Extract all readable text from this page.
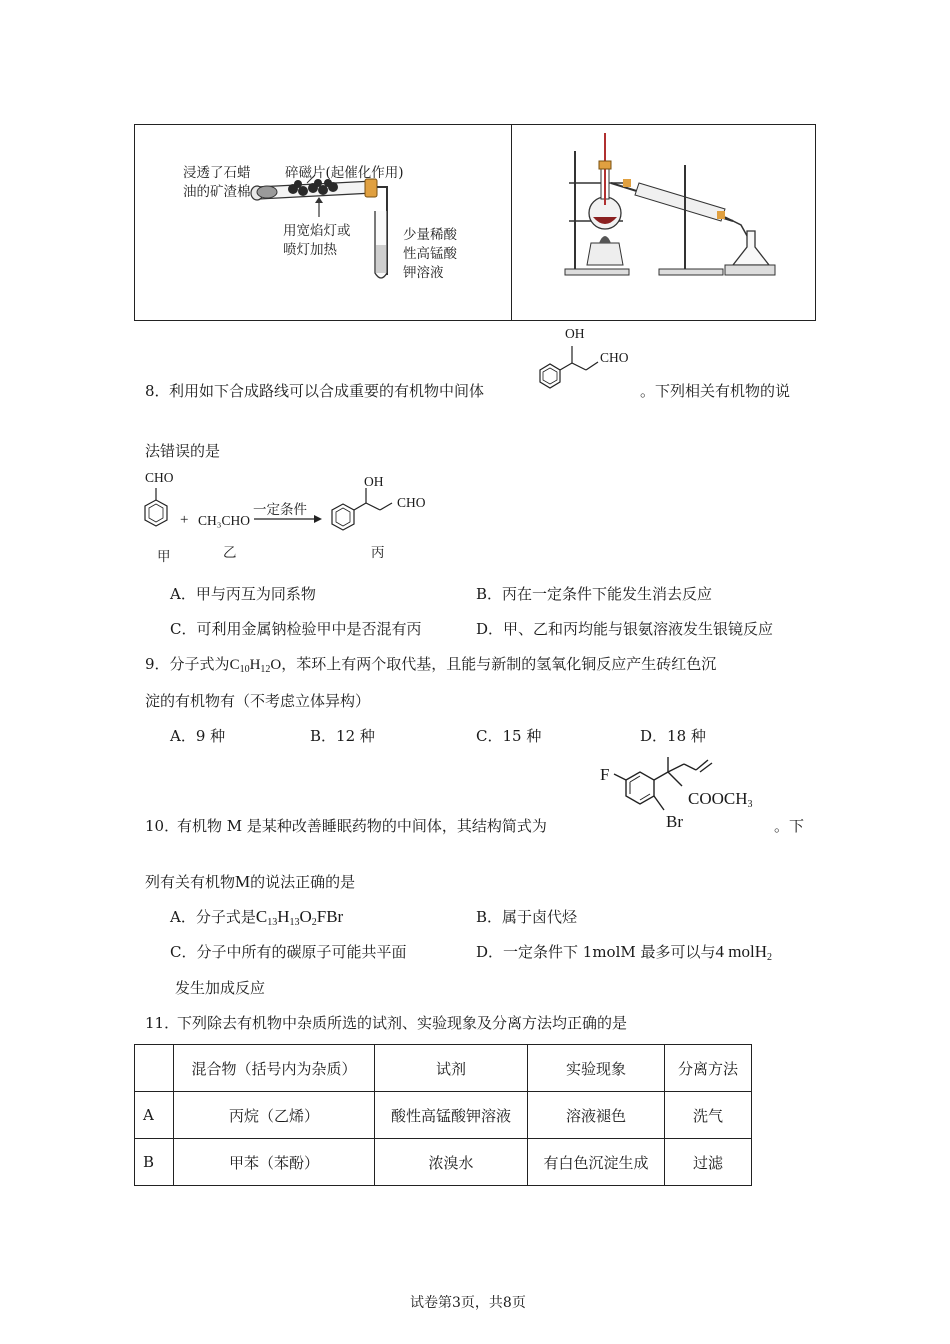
浸透了石蜡
油的矿渣棉
碎磁片(起催化作用)
用宽焰灯或
喷灯加热
少量稀酸
性高锰酸
钾溶液
8． 利用如下合成路线可以合成重要的有机物中间体
OH
CHO
。下列相关有机物的说
法错误的是
CHO
+ CH₃CHO
一定条件
OH
CHO
甲	乙	丙
A．甲与丙互为同系物	B．丙在一定条件下能发生消去反应
C．可利用金属钠检验甲中是否混有丙	D．甲、乙和丙均能与银氨溶液发生银镜反应
9．分子式为$C_{10}H_{12}O$，苯环上有两个取代基，且能与新制的氢氧化铜反应产生砖红色沉
淀的有机物有（不考虑立体异构）
A．9 种	B．12 种	C．15 种	D．18 种
F
Br
$COOCH_3$
10．
有机物 M 是某种改善睡眠药物的中间体，其结构简式为	。下
列有关有机物M的说法正确的是
A．分子式是$C_{13}H_{13}O_2FBr$	B．属于卤代烃
C．分子中所有的碳原子可能共平面	D．一定条件下 1molM 最多可以与4 molH$_2$
发生加成反应
11．
下列除去有机物中杂质所选的试剂、实验现象及分离方法均正确的是
	混合物（括号内为杂质）	试剂	实验现象	分离方法
A	丙烷（乙烯）	酸性高锰酸钾溶液	溶液褪色	洗气
B	甲苯（苯酚）	浓溴水	有白色沉淀生成	过滤
试卷第3页，共8页
